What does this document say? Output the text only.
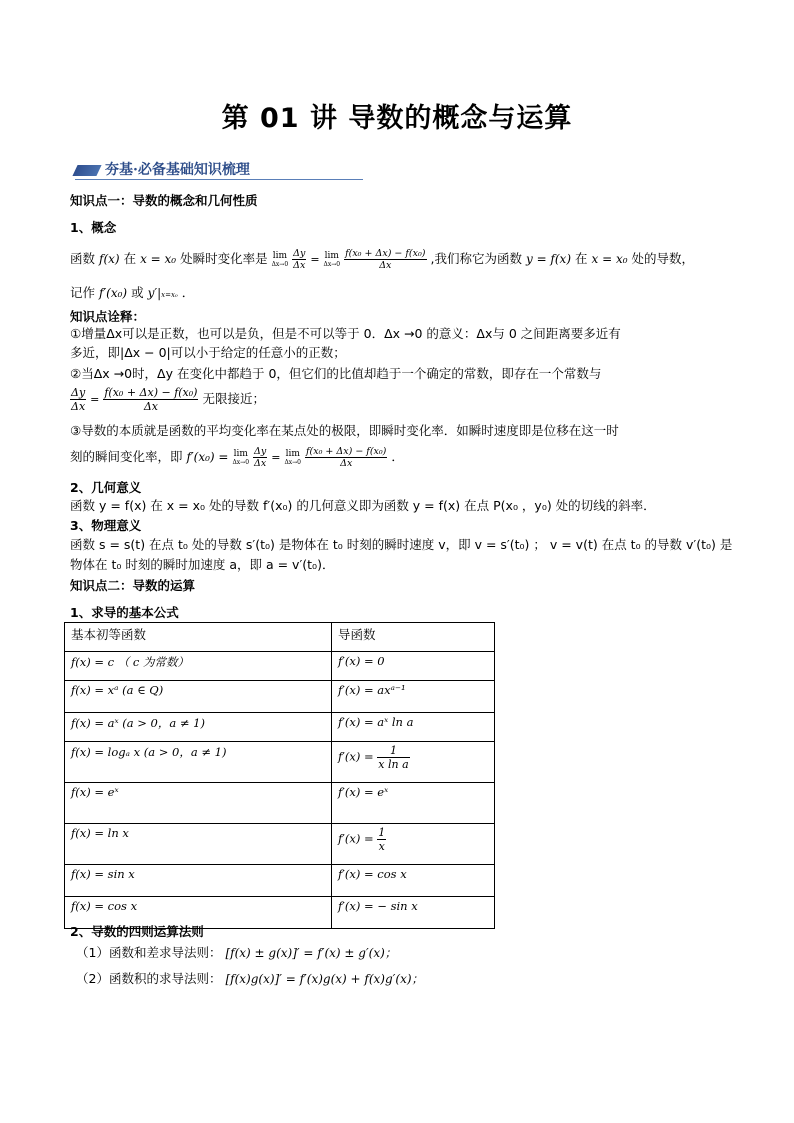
第 01 讲 导数的概念与运算
夯基·必备基础知识梳理
知识点一：导数的概念和几何性质
1、概念
函数 f(x) 在 x = x₀ 处瞬时变化率是 lim
Δx→0
$\frac{\Delta y}{\Delta x} = \lim$
Δx→0
$\frac{\text{f(x₀ + Δx) − f(x₀)}}{\Delta x}$ ,我们称它为函数 y = f(x) 在 x = x₀ 处的导数，
记作 f′(x₀) 或 y′|x=x₀ ．
知识点诠释：
①增量Δx可以是正数，也可以是负，但是不可以等于 0．Δx →0 的意义：Δx与 0 之间距离要多近有
多近，即|Δx − 0|可以小于给定的任意小的正数；
②当Δx →0时，Δy 在变化中都趋于 0，但它们的比值却趋于一个确定的常数，即存在一个常数与
$\frac{\Delta y}{\Delta x} = \frac{\text{f(x₀ + Δx) − f(x₀)}}{\Delta x}$ 无限接近；
③导数的本质就是函数的平均变化率在某点处的极限，即瞬时变化率．如瞬时速度即是位移在这一时
刻的瞬间变化率，即 f′(x₀) = lim
Δx→0
$\frac{\Delta y}{\Delta x} = \lim$
Δx→0
$\frac{\text{f(x₀ + Δx) − f(x₀)}}{\Delta x}$ ．
2、几何意义
函数 y = f(x) 在 x = x₀ 处的导数 f′(x₀) 的几何意义即为函数 y = f(x) 在点 P(x₀ ，y₀) 处的切线的斜率．
3、物理意义
函数 s = s(t) 在点 t₀ 处的导数 s′(t₀) 是物体在 t₀ 时刻的瞬时速度 v，即 v = s′(t₀) ； v = v(t) 在点 t₀ 的导数 v′(t₀) 是
物体在 t₀ 时刻的瞬时加速度 a，即 a = v′(t₀)．
知识点二：导数的运算
1、求导的基本公式
基本初等函数	导函数
f(x) = c （ c 为常数）	f′(x) = 0
f(x) = xᵃ (a ∈ Q)	f′(x) = axᵃ⁻¹
f(x) = aˣ (a > 0，a ≠ 1)	f′(x) = aˣ ln a
f(x) = logₐ x (a > 0，a ≠ 1)	$f'(x) = \frac{1}{\text{x ln a}}$

f(x) = eˣ	f′(x) = eˣ
f(x) = ln x	$f'(x) = \frac{1}{x}$

f(x) = sin x	f′(x) = cos x
f(x) = cos x	f′(x) = − sin x
2、导数的四则运算法则
（1）函数和差求导法则： [f(x) ± g(x)]′ = f′(x) ± g′(x)；
（2）函数积的求导法则： [f(x)g(x)]′ = f′(x)g(x) + f(x)g′(x)；
